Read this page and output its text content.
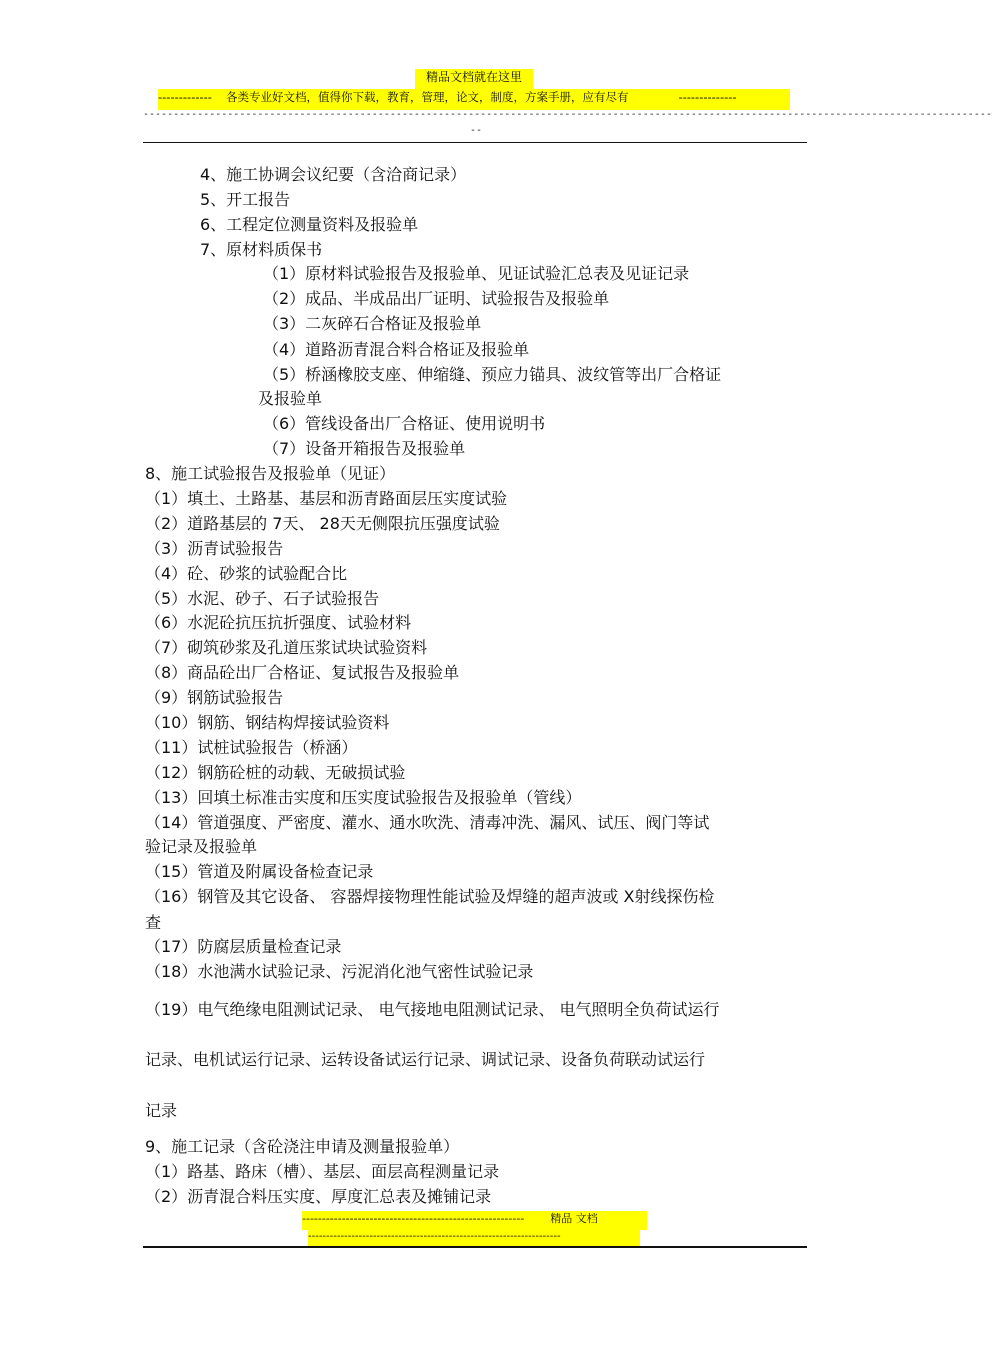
精品文档就在这里
------------- 各类专业好文档，值得你下载，教育，管理，论文，制度，方案手册，应有尽有	--------------
---------------------------------------------------------------------------------------------------------------------------------------------
--
4、施工协调会议纪要（含洽商记录）
5、开工报告
6、工程定位测量资料及报验单
7、原材料质保书
（1）原材料试验报告及报验单、见证试验汇总表及见证记录
（2）成品、半成品出厂证明、试验报告及报验单
（3）二灰碎石合格证及报验单
（4）道路沥青混合料合格证及报验单
（5）桥涵橡胶支座、伸缩缝、预应力锚具、波纹管等出厂合格证
及报验单
（6）管线设备出厂合格证、使用说明书
（7）设备开箱报告及报验单
8、施工试验报告及报验单（见证）
（1）填土、土路基、基层和沥青路面层压实度试验
（2）道路基层的 7天、 28天无侧限抗压强度试验
（3）沥青试验报告
（4）砼、砂浆的试验配合比
（5）水泥、砂子、石子试验报告
（6）水泥砼抗压抗折强度、试验材料
（7）砌筑砂浆及孔道压浆试块试验资料
（8）商品砼出厂合格证、复试报告及报验单
（9）钢筋试验报告
（10）钢筋、钢结构焊接试验资料
（11）试桩试验报告（桥涵）
（12）钢筋砼桩的动载、无破损试验
（13）回填土标准击实度和压实度试验报告及报验单（管线）
（14）管道强度、严密度、灌水、通水吹洗、清毒冲洗、漏风、试压、阀门等试
验记录及报验单
（15）管道及附属设备检查记录
（16）钢管及其它设备、 容器焊接物理性能试验及焊缝的超声波或 X射线探伤检
查
（17）防腐层质量检查记录
（18）水池满水试验记录、污泥消化池气密性试验记录
（19）电气绝缘电阻测试记录、 电气接地电阻测试记录、 电气照明全负荷试运行
记录、电机试运行记录、运转设备试运行记录、调试记录、设备负荷联动试运行
记录
9、施工记录（含砼浇注申请及测量报验单）
（1）路基、路床（槽）、基层、面层高程测量记录
（2）沥青混合料压实度、厚度汇总表及摊铺记录
-------------------------------------------------------- 精品 文档
----------------------------------------------------------------------
